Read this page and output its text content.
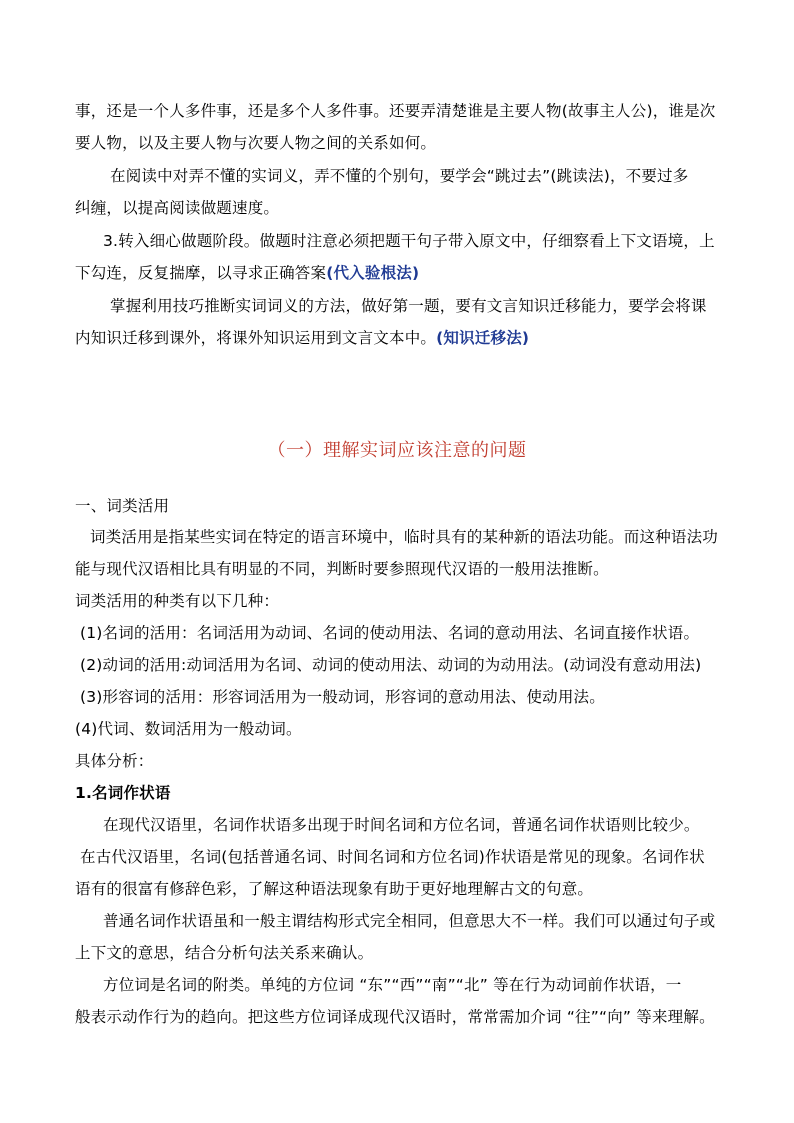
事，还是一个人多件事，还是多个人多件事。还要弄清楚谁是主要人物(故事主人公)，谁是次
要人物，以及主要人物与次要人物之间的关系如何。
在阅读中对弄不懂的实词义，弄不懂的个别句，要学会“跳过去”(跳读法)，不要过多
纠缠，以提高阅读做题速度。
3.转入细心做题阶段。做题时注意必须把题干句子带入原文中，仔细察看上下文语境，上
下勾连，反复揣摩，以寻求正确答案(代入验根法)
掌握利用技巧推断实词词义的方法，做好第一题，要有文言知识迁移能力，要学会将课
内知识迁移到课外，将课外知识运用到文言文本中。(知识迁移法)
（一）理解实词应该注意的问题
一、词类活用
词类活用是指某些实词在特定的语言环境中，临时具有的某种新的语法功能。而这种语法功
能与现代汉语相比具有明显的不同，判断时要参照现代汉语的一般用法推断。
词类活用的种类有以下几种：
(1)名词的活用：名词活用为动词、名词的使动用法、名词的意动用法、名词直接作状语。
(2)动词的活用:动词活用为名词、动词的使动用法、动词的为动用法。(动词没有意动用法)
(3)形容词的活用：形容词活用为一般动词，形容词的意动用法、使动用法。
(4)代词、数词活用为一般动词。
具体分析：
1.名词作状语
在现代汉语里，名词作状语多出现于时间名词和方位名词，普通名词作状语则比较少。
在古代汉语里，名词(包括普通名词、时间名词和方位名词)作状语是常见的现象。名词作状
语有的很富有修辞色彩，了解这种语法现象有助于更好地理解古文的句意。
普通名词作状语虽和一般主谓结构形式完全相同，但意思大不一样。我们可以通过句子或
上下文的意思，结合分析句法关系来确认。
方位词是名词的附类。单纯的方位词 “东”“西”“南”“北” 等在行为动词前作状语，一
般表示动作行为的趋向。把这些方位词译成现代汉语时，常常需加介词 “往”“向” 等来理解。
